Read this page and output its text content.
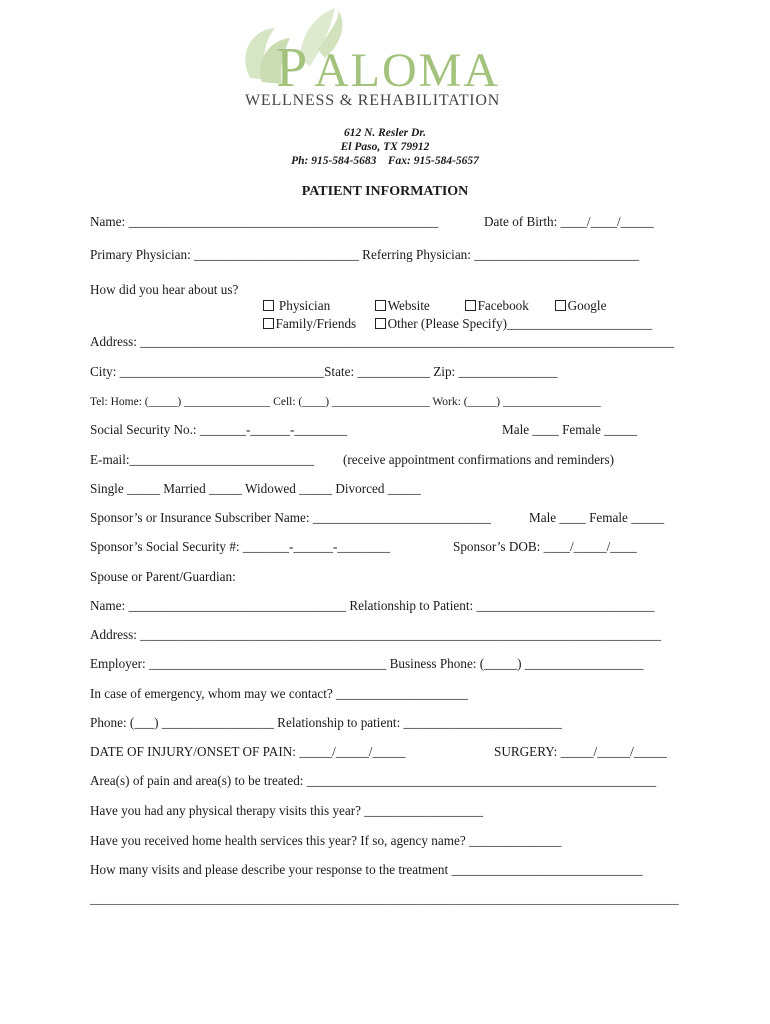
P ALOMA
WELLNESS & REHABILITATION
612 N. Resler Dr.
El Paso, TX 79912
Ph: 915-584-5683    Fax: 915-584-5657
PATIENT INFORMATION
Name: _______________________________________________	Date of Birth: ____/____/_____
Primary Physician: _________________________ Referring Physician: _________________________
How did you hear about us?

Physician	Website	Facebook	Google

Family/Friends	Other (Please Specify)______________________

Address: _________________________________________________________________________________
City: _______________________________State: ___________ Zip: _______________
Tel: Home: (_____) _______________ Cell: (____) _________________ Work: (_____) _________________
Social Security No.: _______-______-________	Male ____ Female _____
E-mail:____________________________ (receive appointment confirmations and reminders)
Single _____ Married _____ Widowed _____ Divorced _____
Sponsor’s or Insurance Subscriber Name: ___________________________	Male ____ Female _____
Sponsor’s Social Security #: _______-______-________	Sponsor’s DOB: ____/_____/____
Spouse or Parent/Guardian:
Name: _________________________________ Relationship to Patient: ___________________________
Address: _______________________________________________________________________________
Employer: ____________________________________ Business Phone: (_____) __________________
In case of emergency, whom may we contact? ____________________
Phone: (___) _________________ Relationship to patient: ________________________
DATE OF INJURY/ONSET OF PAIN: _____/_____/_____	SURGERY: _____/_____/_____
Area(s) of pain and area(s) to be treated: _____________________________________________________
Have you had any physical therapy visits this year? __________________
Have you received home health services this year? If so, agency name? ______________
How many visits and please describe your response to the treatment _____________________________
____________________________________________________________________________________________
